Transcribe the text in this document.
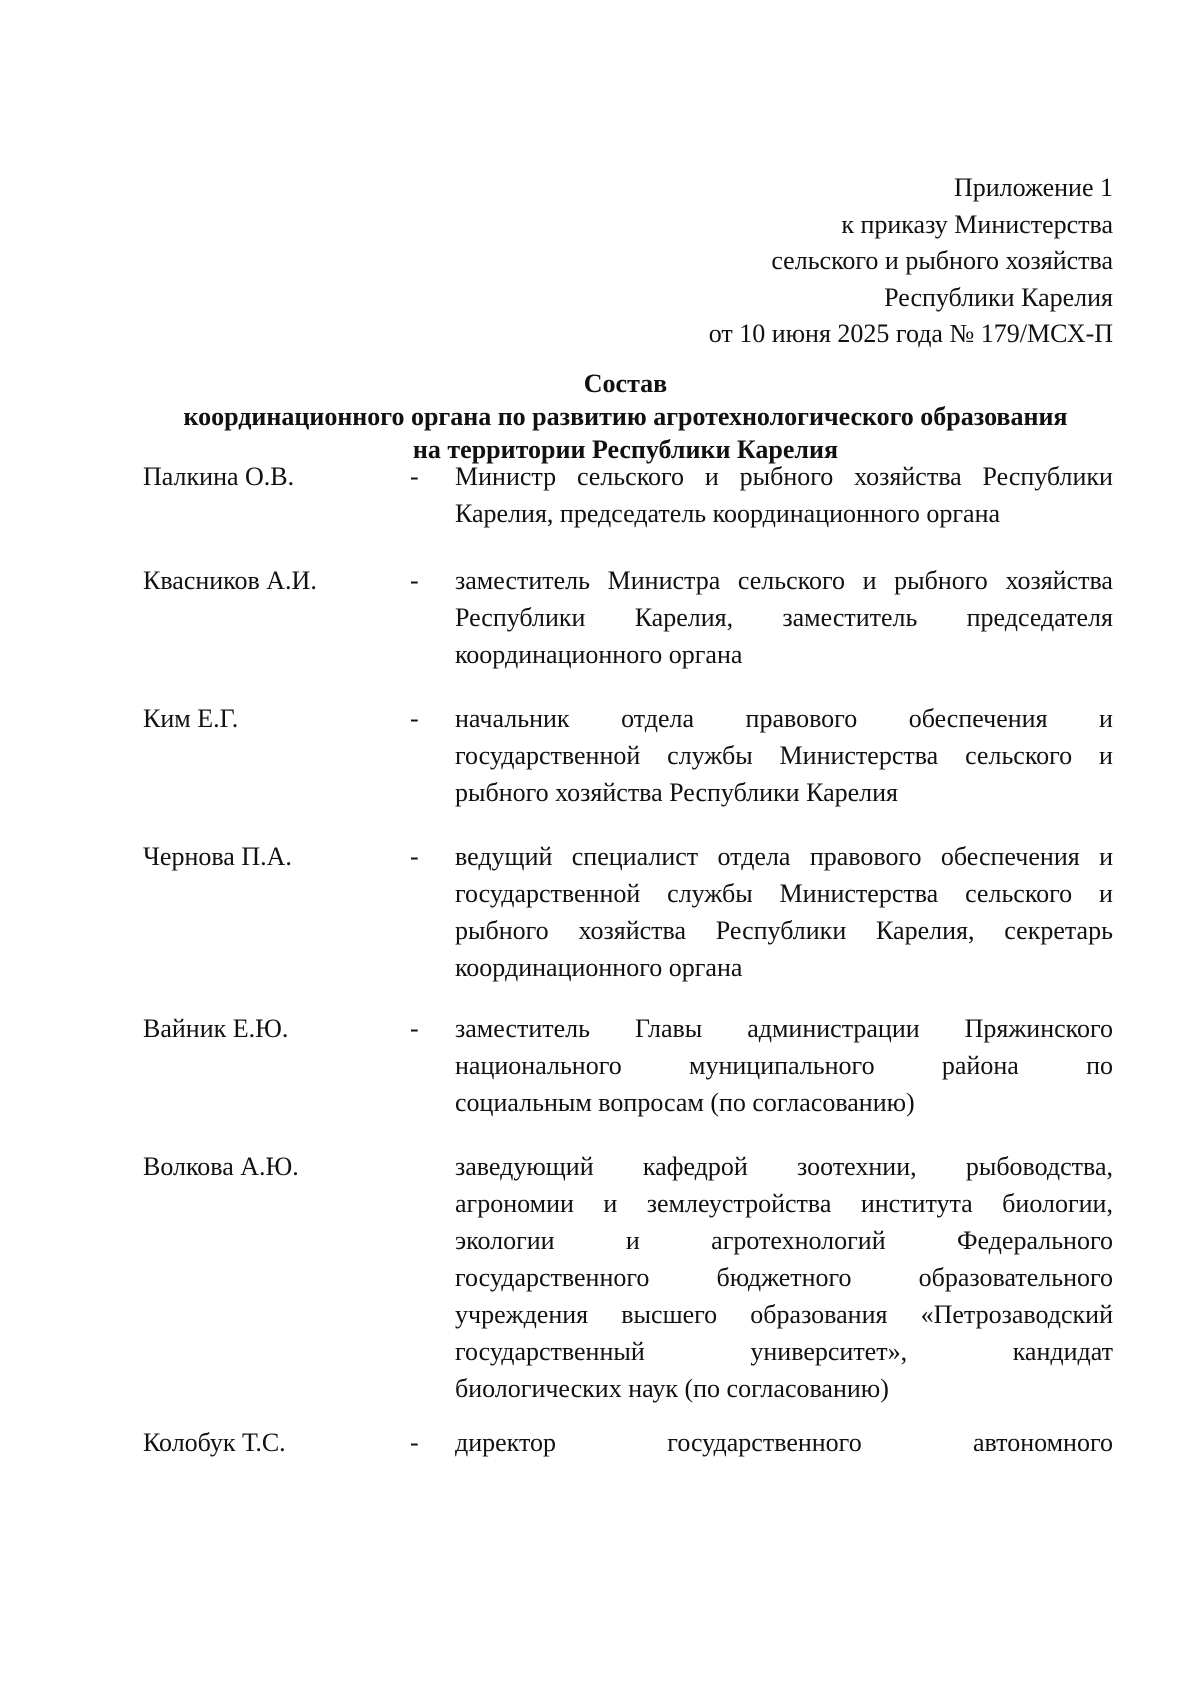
Приложение 1
к приказу Министерства
сельского и рыбного хозяйства
Республики Карелия
от 10 июня 2025 года № 179/МСХ-П
Состав
координационного органа по развитию агротехнологического образования
на территории Республики Карелия
Палкина О.В.	- Министр сельского и рыбного хозяйства Республики
Карелия, председатель координационного органа
Квасников А.И.	- заместитель Министра сельского и рыбного хозяйства
Республики Карелия, заместитель председателя
координационного органа
Ким Е.Г.	- начальник отдела правового обеспечения и
государственной службы Министерства сельского и
рыбного хозяйства Республики Карелия
Чернова П.А.	- ведущий специалист отдела правового обеспечения и
государственной службы Министерства сельского и
рыбного хозяйства Республики Карелия, секретарь
координационного органа
Вайник Е.Ю.	- заместитель Главы администрации Пряжинского
национального	муниципального	района	по
социальным вопросам (по согласованию)
Волкова А.Ю.	заведующий кафедрой зоотехнии, рыбоводства,
агрономии и землеустройства института биологии,
экологии	и	агротехнологий	Федерального
государственного	бюджетного	образовательного
учреждения высшего образования «Петрозаводский
государственный	университет»,	кандидат
биологических наук (по согласованию)
Колобук Т.С.	- директор	государственного	автономного
